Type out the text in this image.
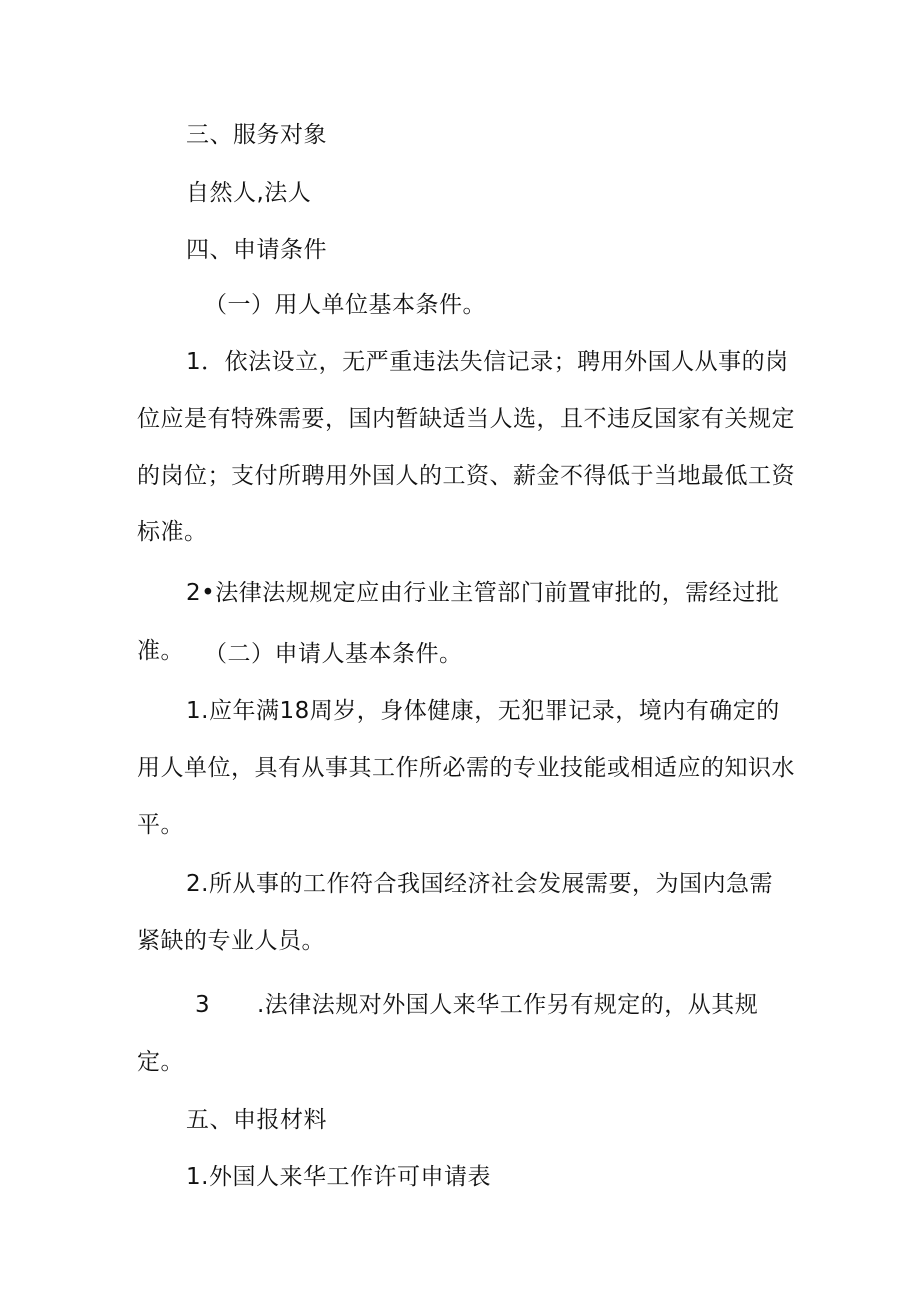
三、服务对象
自然人,法人
四、申请条件
（一）用人单位基本条件。
1．依法设立，无严重违法失信记录；聘用外国人从事的岗
位应是有特殊需要，国内暂缺适当人选，且不违反国家有关规定
的岗位；支付所聘用外国人的工资、薪金不得低于当地最低工资
标准。
2•法律法规规定应由行业主管部门前置审批的，需经过批
准。 （二）申请人基本条件。
1.应年满18周岁，身体健康，无犯罪记录，境内有确定的
用人单位，具有从事其工作所必需的专业技能或相适应的知识水
平。
2.所从事的工作符合我国经济社会发展需要，为国内急需
紧缺的专业人员。
3 .法律法规对外国人来华工作另有规定的，从其规
定。
五、申报材料
1.外国人来华工作许可申请表
